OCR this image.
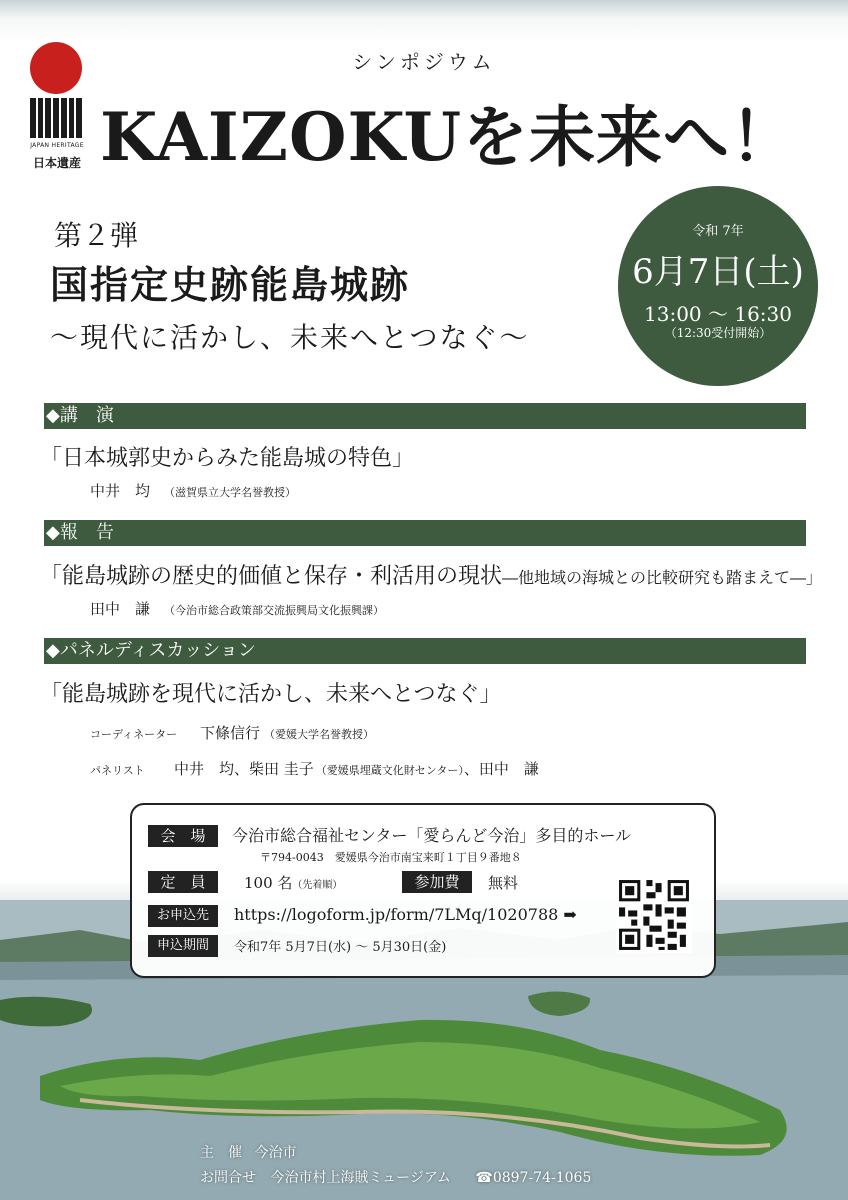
JAPAN HERITAGE
日本遺産
シンポジウム
KAIZOKUを未来へ！
第２弾
国指定史跡能島城跡
～現代に活かし、未来へとつなぐ～
令和 7年
6月7日(土)
13:00 ～ 16:30
（12:30受付開始）
◆講　演
「日本城郭史からみた能島城の特色」
中井　均 （滋賀県立大学名誉教授）
◆報　告
「能島城跡の歴史的価値と保存・利活用の現状―他地域の海城との比較研究も踏まえて―」
田中　謙 （今治市総合政策部交流振興局文化振興課）
◆パネルディスカッション
「能島城跡を現代に活かし、未来へとつなぐ」
コーディネーター 下條信行 （愛媛大学名誉教授）
パネリスト 中井　均、柴田 圭子 （愛媛県埋蔵文化財センター）、田中　謙
会　場	今治市総合福祉センター「愛らんど今治」多目的ホール
〒794-0043　愛媛県今治市南宝来町１丁目９番地８
定　員	100 名（先着順）	参加費	無料
お申込先	https://logoform.jp/form/7LMq/1020788 ➡
申込期間	令和7年 5月7日(水) ～ 5月30日(金)
主　催 今治市
お問合せ 今治市村上海賊ミュージアム ☎0897-74-1065
